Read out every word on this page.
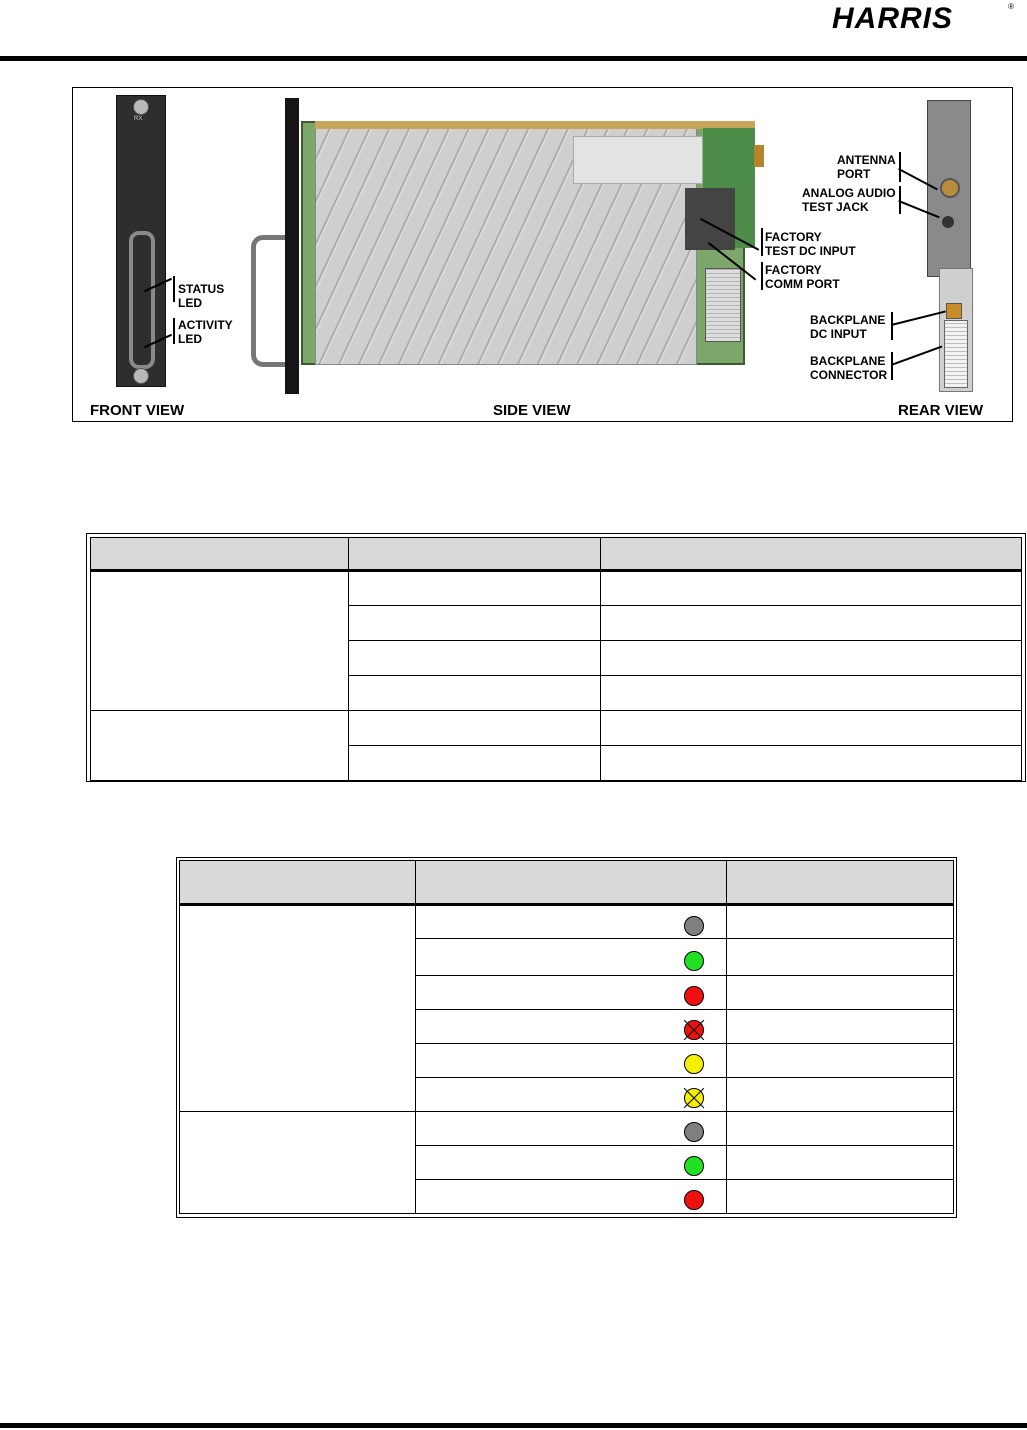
HARRIS	®
RX
STATUS
LED
ACTIVITY
LED
FRONT VIEW
FACTORY
TEST DC INPUT
FACTORY
COMM PORT
SIDE VIEW
ANTENNA
PORT
ANALOG AUDIO
TEST JACK
BACKPLANE
DC INPUT
BACKPLANE
CONNECTOR
REAR VIEW
